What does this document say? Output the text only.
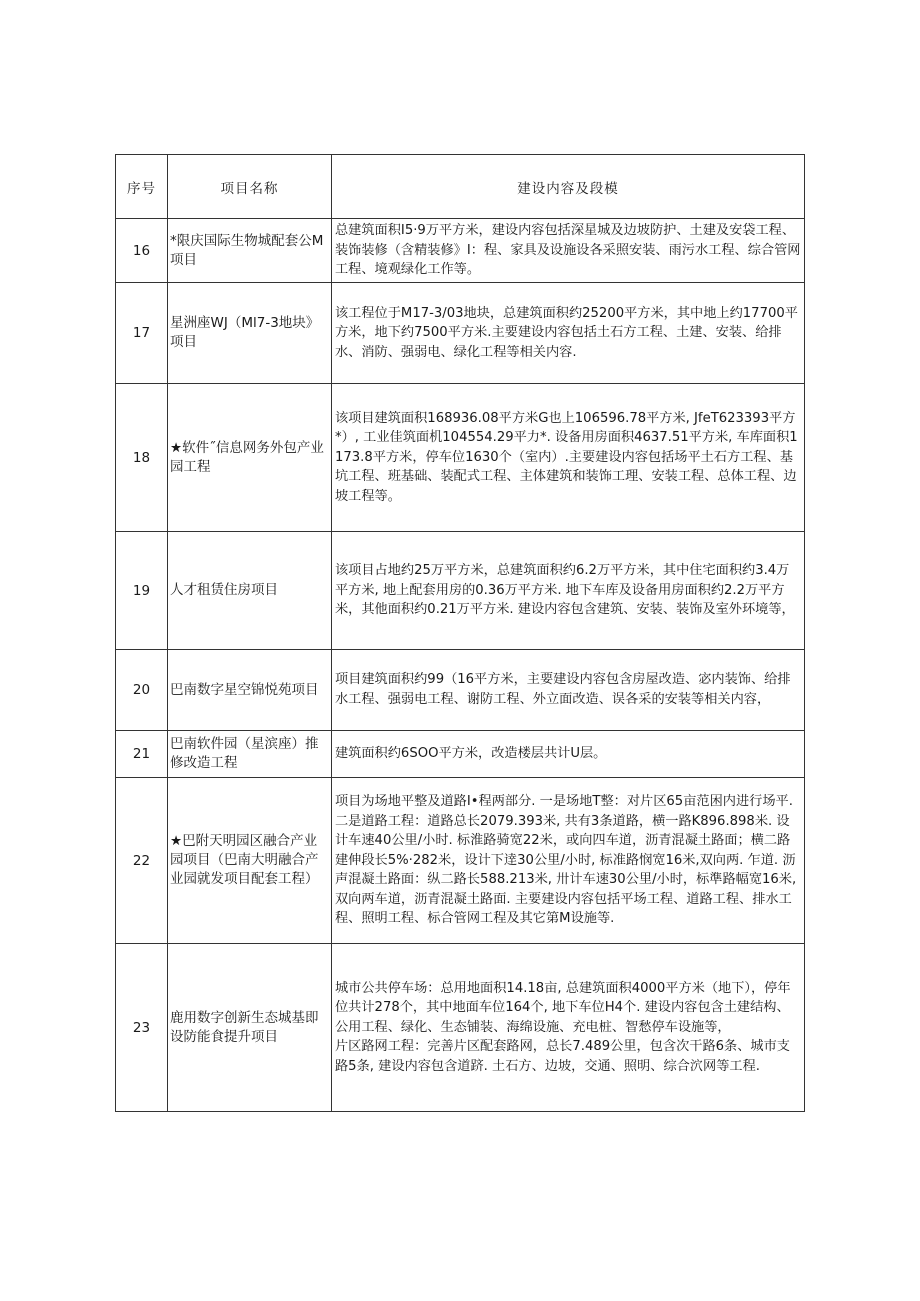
序号	项目名称	建设内容及段模
16	*限庆国际生物城配套公M项目	总建筑面积I5·9万平方米，建设内容包括深星城及边坡防护、土建及安袋工程、装饰装修（含精装修》I：程、家具及设施设各采照安装、雨污水工程、综合管网工程、境观绿化工作等。
17	星洲座WJ（Ml7-3地块》项目	该工程位于M17-3/03地块，总建筑面积约25200平方米，其中地上约17700平方米，地下约7500平方米.主要建设内容包括土石方工程、土建、安装、给排水、消防、强弱电、绿化工程等相关内容.
18	★软件˝信息网务外包产业园工程	该项目建筑面积168936.08平方米G也上106596.78平方米, JfeT623393平方*）, 工业佳筑面机104554.29平力*. 设备用房面积4637.51平方米, 车库面积1173.8平方米，停车位1630个（室内）.主要建设内容包括场平土石方工程、基坑工程、班基础、装配式工程、主体建筑和装饰工理、安装工程、总体工程、边坡工程等。
19	人才租赁住房项目	该项目占地约25万平方米，总建筑面积约6.2万平方米，其中住宅面积约3.4万平方米, 地上配套用房的0.36万平方米. 地下车库及设备用房面积约2.2万平方米，其他面积约0.21万平方米. 建设内容包含建筑、安装、装饰及室外环境等，
20	巴南数字星空锦悦苑项目	项目建筑面积约99（16平方米，主要建设内容包含房屋改造、宓内装饰、给排水工程、强弱电工程、谢防工程、外立面改造、误各采的安装等相关内容，
21	巴南软件园（星滨座）推修改造工程	建筑面积约6SOO平方米，改造楼层共计U层。
22	★巴附天明园区融合产业园项目（巴南大明融合产业园就发项目配套工程）	项目为场地平整及道路I•程两部分. 一是场地T整：对片区65亩范困内进行场平. 二是道路工程：道路总长2079.393米, 共有3条道路，横一路K896.898米. 设计车速40公里/小时. 标淮路骑宽22米，或向四车道，沥青混凝土路面；横二路建伸段长5%·282米，设计下逹30公里/小时, 标准路悯宽16米,双向两. 乍道. 沥声混凝土路面：纵二路长588.213米, 卅计车速30公里/小时，标準路幅宽16米, 双向两车道，沥青混凝土路面. 主要建设内容包括平场工程、道路工程、排水工程、照明工程、标合管网工程及其它第M设施等.
23	鹿用数字创新生态城基即设防能食提升项目	城市公共停车场：总用地面积14.18亩, 总建筑面积4000平方米（地下），停年位共计278个，其中地面车位164个, 地下车位H4个. 建设内容包含土建结构、公用工程、绿化、生态铺装、海绵设施、充电桩、智愁停车设施等，
片区路网工程：完善片区配套路网，总长7.489公里，包含次干路6条、城巿支路5条, 建设内容包含道跻. 土石方、边坡，交通、照明、综合泬网等工程.
